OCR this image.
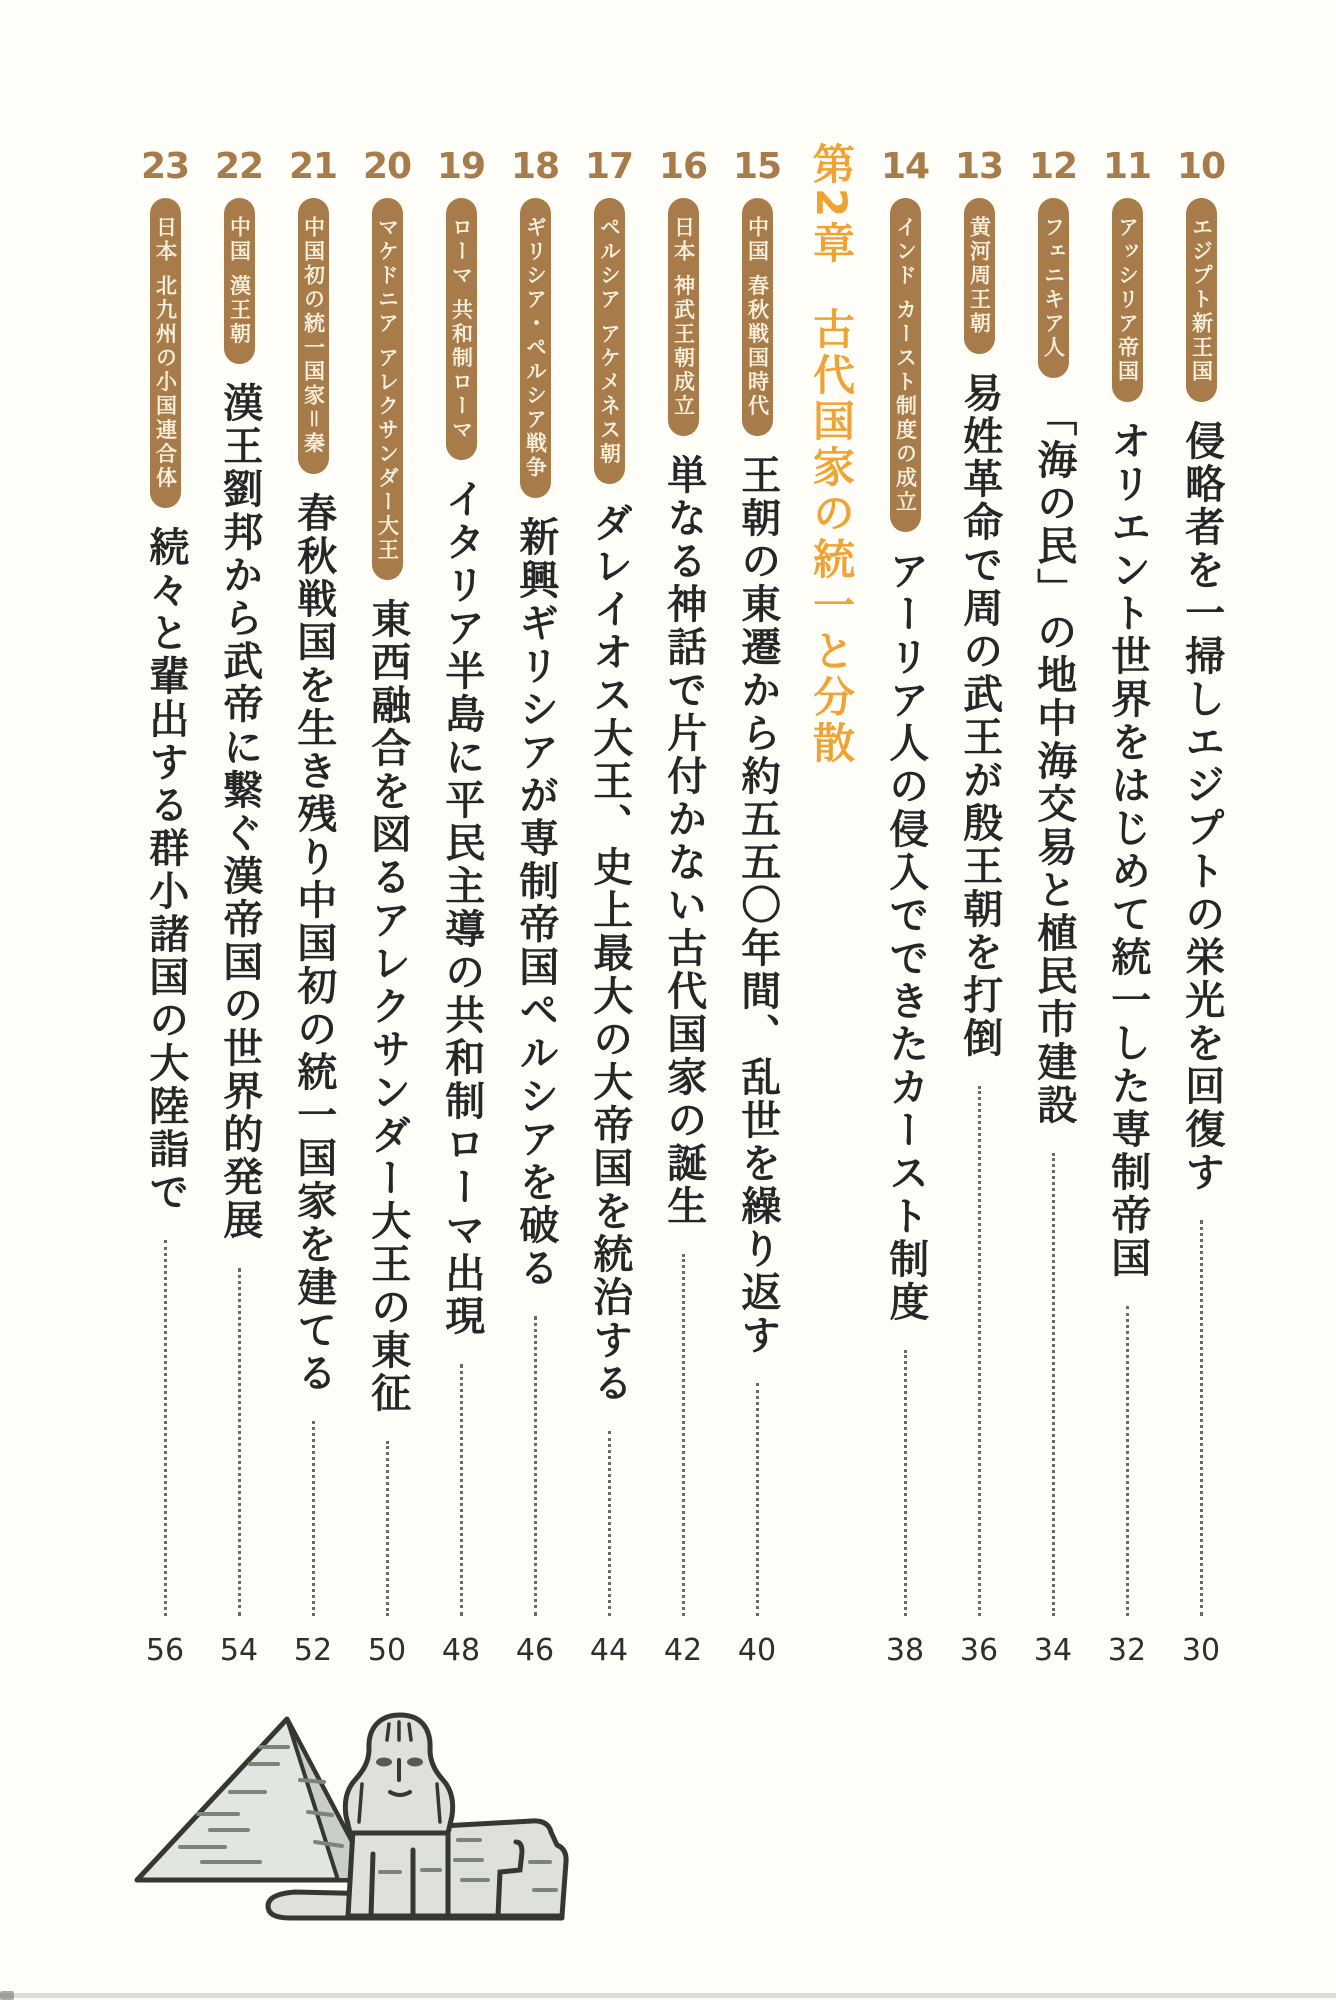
23
日本 北九州の小国連合体
続々と輩出する群小諸国の大陸詣で
56
22
中国 漢王朝
漢王劉邦から武帝に繋ぐ漢帝国の世界的発展
54
21
中国初の統一国家＝秦
春秋戦国を生き残り中国初の統一国家を建てる
52
20
マケドニア アレクサンダー大王
東西融合を図るアレクサンダー大王の東征
50
19
ローマ 共和制ローマ
イタリア半島に平民主導の共和制ローマ出現
48
18
ギリシア・ペルシア戦争
新興ギリシアが専制帝国ペルシアを破る
46
17
ペルシア アケメネス朝
ダレイオス大王、史上最大の大帝国を統治する
44
16
日本 神武王朝成立
単なる神話で片付かない古代国家の誕生
42
15
中国 春秋戦国時代
王朝の東遷から約五五〇年間、乱世を繰り返す
40
第2章古代国家の統一と分散
14
インド カースト制度の成立
アーリア人の侵入でできたカースト制度
38
13
黄河周王朝
易姓革命で周の武王が殷王朝を打倒
36
12
フェニキア人
「海の民」の地中海交易と植民市建設
34
11
アッシリア帝国
オリエント世界をはじめて統一した専制帝国
32
10
エジプト新王国
侵略者を一掃しエジプトの栄光を回復す
30
